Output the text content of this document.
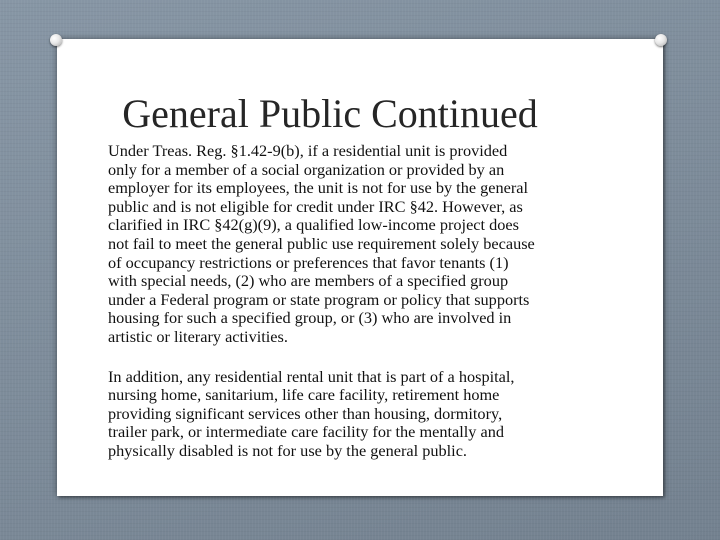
General Public Continued

Under Treas. Reg. §1.42-9(b), if a residential unit is provided
only for a member of a social organization or provided by an
employer for its employees, the unit is not for use by the general
public and is not eligible for credit under IRC §42. However, as
clarified in IRC §42(g)(9), a qualified low-income project does
not fail to meet the general public use requirement solely because
of occupancy restrictions or preferences that favor tenants (1)
with special needs, (2) who are members of a specified group
under a Federal program or state program or policy that supports
housing for such a specified group, or (3) who are involved in
artistic or literary activities.

In addition, any residential rental unit that is part of a hospital,
nursing home, sanitarium, life care facility, retirement home
providing significant services other than housing, dormitory,
trailer park, or intermediate care facility for the mentally and
physically disabled is not for use by the general public.
